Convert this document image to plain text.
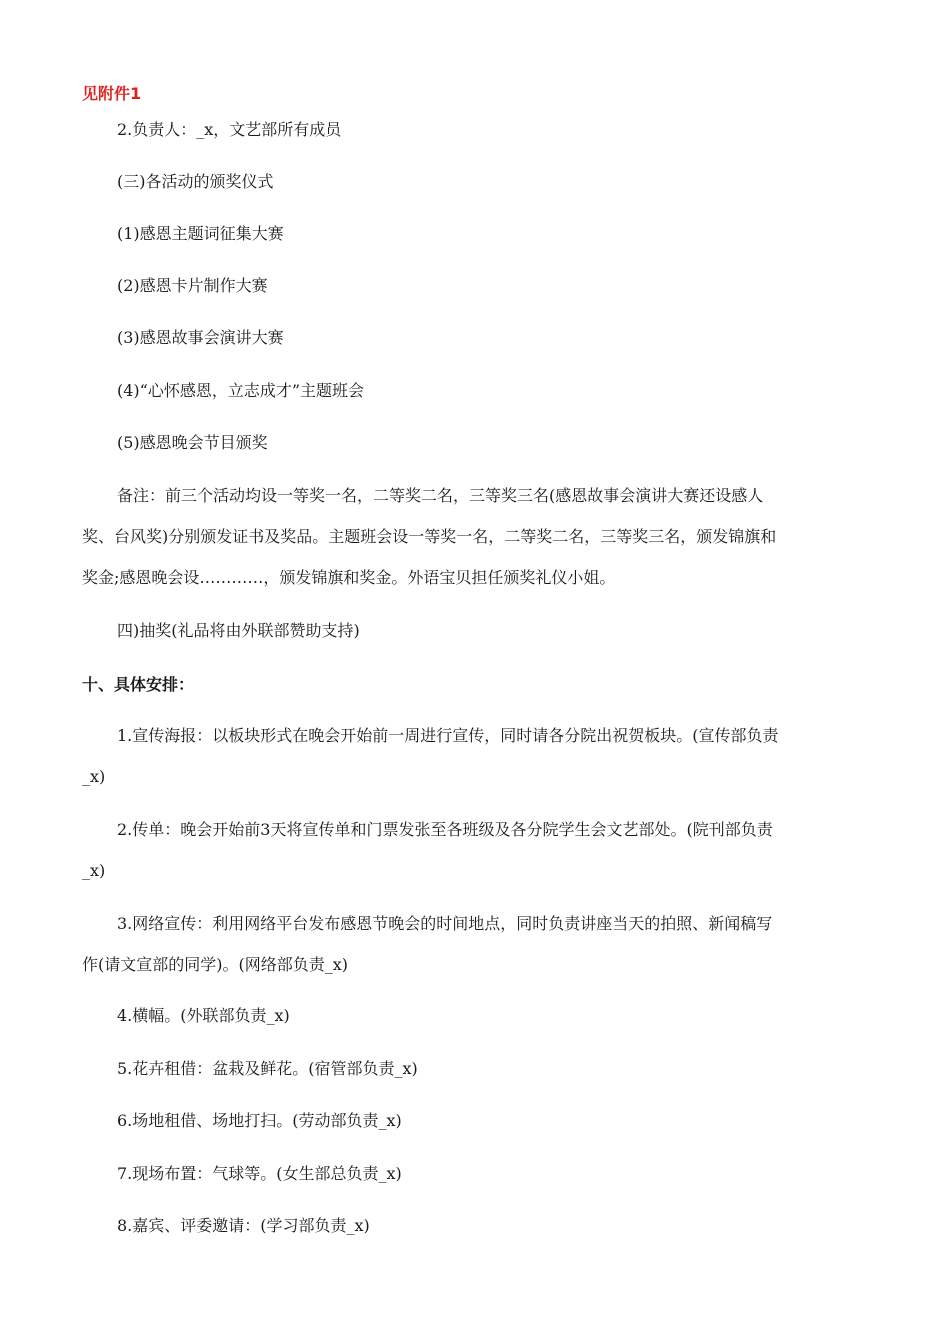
见附件1
2.负责人：_x，文艺部所有成员
(三)各活动的颁奖仪式
(1)感恩主题词征集大赛
(2)感恩卡片制作大赛
(3)感恩故事会演讲大赛
(4)“心怀感恩，立志成才”主题班会
(5)感恩晚会节目颁奖
备注：前三个活动均设一等奖一名，二等奖二名，三等奖三名(感恩故事会演讲大赛还设感人
奖、台风奖)分别颁发证书及奖品。主题班会设一等奖一名，二等奖二名，三等奖三名，颁发锦旗和
奖金;感恩晚会设…………，颁发锦旗和奖金。外语宝贝担任颁奖礼仪小姐。
四)抽奖(礼品将由外联部赞助支持)
十、具体安排：
1.宣传海报：以板块形式在晚会开始前一周进行宣传，同时请各分院出祝贺板块。(宣传部负责
_x)
2.传单：晚会开始前3天将宣传单和门票发张至各班级及各分院学生会文艺部处。(院刊部负责
_x)
3.网络宣传：利用网络平台发布感恩节晚会的时间地点，同时负责讲座当天的拍照、新闻稿写
作(请文宣部的同学)。(网络部负责_x)
4.横幅。(外联部负责_x)
5.花卉租借：盆栽及鲜花。(宿管部负责_x)
6.场地租借、场地打扫。(劳动部负责_x)
7.现场布置：气球等。(女生部总负责_x)
8.嘉宾、评委邀请：(学习部负责_x)
